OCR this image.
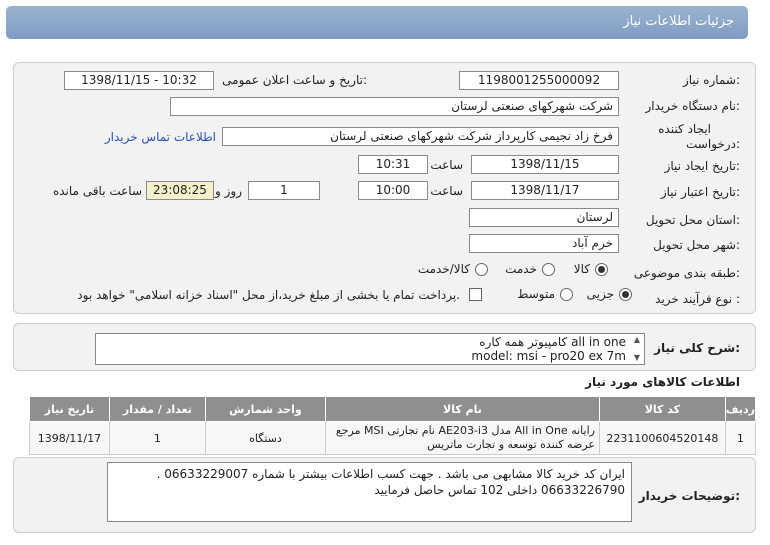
جزئیات اطلاعات نیاز
شماره نیاز:
1198001255000092
تاریخ و ساعت اعلان عمومی:
1398/11/15 - 10:32
نام دستگاه خریدار:
شرکت شهرکهای صنعتی لرستان
ایجاد کننده
درخواست:
فرخ زاد نجیمی کارپرداز شرکت شهرکهای صنعتی لرستان
اطلاعات تماس خریدار
تاریخ ایجاد نیاز:
1398/11/15
ساعت
10:31
تاریخ اعتبار نیاز:
1398/11/17
ساعت
10:00
1
روز و
23:08:25
ساعت باقی مانده
استان محل تحویل:
لرستان
شهر محل تحویل:
خرم آباد
طبقه بندی موضوعی:
کالا
خدمت
کالا/خدمت
نوع فرآیند خرید :
جزیی
متوسط
پرداخت تمام یا بخشی از مبلغ خرید،از محل "اسناد خزانه اسلامی" خواهد بود.
شرح کلی نیاز:
کامپیوتر همه کاره all in one
model: msi - pro20 ex 7m
▲

▼
اطلاعات کالاهای مورد نیاز
ردیف	کد کالا	نام کالا	واحد شمارش	تعداد / مقدار	تاریخ نیاز
1	2231100604520148	رایانه All in One مدل AE203-i3 نام تجارتی MSI مرجع عرضه کننده توسعه و تجارت ماتریس	دستگاه	1	1398/11/17
توضیحات خریدار:
ایران کد خرید کالا مشابهی می باشد . جهت کسب اطلاعات بیشتر با شماره 06633229007 . 06633226790 داخلی 102 تماس حاصل فرمایید
